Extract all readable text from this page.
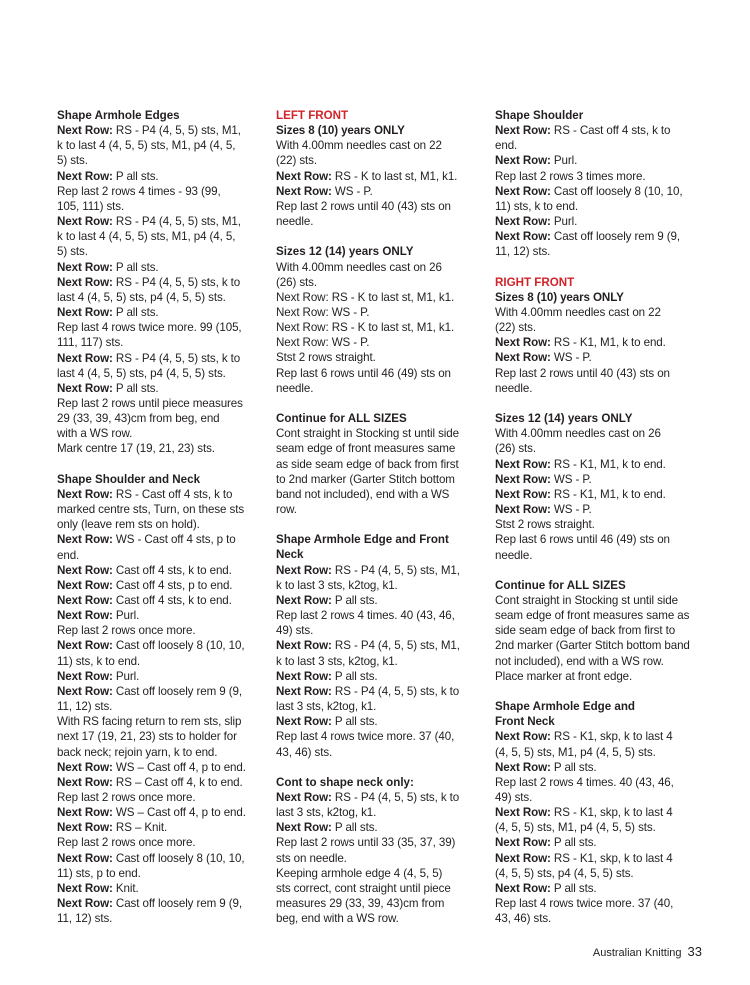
Shape Armhole Edges
Next Row: RS - P4 (4, 5, 5) sts, M1,
k to last 4 (4, 5, 5) sts, M1, p4 (4, 5,
5) sts.
Next Row: P all sts.
Rep last 2 rows 4 times - 93 (99,
105, 111) sts.
Next Row: RS - P4 (4, 5, 5) sts, M1,
k to last 4 (4, 5, 5) sts, M1, p4 (4, 5,
5) sts.
Next Row: P all sts.
Next Row: RS - P4 (4, 5, 5) sts, k to
last 4 (4, 5, 5) sts, p4 (4, 5, 5) sts.
Next Row: P all sts.
Rep last 4 rows twice more. 99 (105,
111, 117) sts.
Next Row: RS - P4 (4, 5, 5) sts, k to
last 4 (4, 5, 5) sts, p4 (4, 5, 5) sts.
Next Row: P all sts.
Rep last 2 rows until piece measures
29 (33, 39, 43)cm from beg, end
with a WS row.
Mark centre 17 (19, 21, 23) sts.
Shape Shoulder and Neck
Next Row: RS - Cast off 4 sts, k to
marked centre sts, Turn, on these sts
only (leave rem sts on hold).
Next Row: WS - Cast off 4 sts, p to
end.
Next Row: Cast off 4 sts, k to end.
Next Row: Cast off 4 sts, p to end.
Next Row: Cast off 4 sts, k to end.
Next Row: Purl.
Rep last 2 rows once more.
Next Row: Cast off loosely 8 (10, 10,
11) sts, k to end.
Next Row: Purl.
Next Row: Cast off loosely rem 9 (9,
11, 12) sts.
With RS facing return to rem sts, slip
next 17 (19, 21, 23) sts to holder for
back neck; rejoin yarn, k to end.
Next Row: WS – Cast off 4, p to end.
Next Row: RS – Cast off 4, k to end.
Rep last 2 rows once more.
Next Row: WS – Cast off 4, p to end.
Next Row: RS – Knit.
Rep last 2 rows once more.
Next Row: Cast off loosely 8 (10, 10,
11) sts, p to end.
Next Row: Knit.
Next Row: Cast off loosely rem 9 (9,
11, 12) sts.
LEFT FRONT
Sizes 8 (10) years ONLY
With 4.00mm needles cast on 22
(22) sts.
Next Row: RS - K to last st, M1, k1.
Next Row: WS - P.
Rep last 2 rows until 40 (43) sts on
needle.
Sizes 12 (14) years ONLY
With 4.00mm needles cast on 26
(26) sts.
Next Row: RS - K to last st, M1, k1.
Next Row: WS - P.
Next Row: RS - K to last st, M1, k1.
Next Row: WS - P.
Stst 2 rows straight.
Rep last 6 rows until 46 (49) sts on
needle.
Continue for ALL SIZES
Cont straight in Stocking st until side
seam edge of front measures same
as side seam edge of back from first
to 2nd marker (Garter Stitch bottom
band not included), end with a WS
row.
Shape Armhole Edge and Front
Neck
Next Row: RS - P4 (4, 5, 5) sts, M1,
k to last 3 sts, k2tog, k1.
Next Row: P all sts.
Rep last 2 rows 4 times. 40 (43, 46,
49) sts.
Next Row: RS - P4 (4, 5, 5) sts, M1,
k to last 3 sts, k2tog, k1.
Next Row: P all sts.
Next Row: RS - P4 (4, 5, 5) sts, k to
last 3 sts, k2tog, k1.
Next Row: P all sts.
Rep last 4 rows twice more. 37 (40,
43, 46) sts.
Cont to shape neck only:
Next Row: RS - P4 (4, 5, 5) sts, k to
last 3 sts, k2tog, k1.
Next Row: P all sts.
Rep last 2 rows until 33 (35, 37, 39)
sts on needle.
Keeping armhole edge 4 (4, 5, 5)
sts correct, cont straight until piece
measures 29 (33, 39, 43)cm from
beg, end with a WS row.
Shape Shoulder
Next Row: RS - Cast off 4 sts, k to
end.
Next Row: Purl.
Rep last 2 rows 3 times more.
Next Row: Cast off loosely 8 (10, 10,
11) sts, k to end.
Next Row: Purl.
Next Row: Cast off loosely rem 9 (9,
11, 12) sts.
RIGHT FRONT
Sizes 8 (10) years ONLY
With 4.00mm needles cast on 22
(22) sts.
Next Row: RS - K1, M1, k to end.
Next Row: WS - P.
Rep last 2 rows until 40 (43) sts on
needle.
Sizes 12 (14) years ONLY
With 4.00mm needles cast on 26
(26) sts.
Next Row: RS - K1, M1, k to end.
Next Row: WS - P.
Next Row: RS - K1, M1, k to end.
Next Row: WS - P.
Stst 2 rows straight.
Rep last 6 rows until 46 (49) sts on
needle.
Continue for ALL SIZES
Cont straight in Stocking st until side
seam edge of front measures same as
side seam edge of back from first to
2nd marker (Garter Stitch bottom band
not included), end with a WS row.
Place marker at front edge.
Shape Armhole Edge and
Front Neck
Next Row: RS - K1, skp, k to last 4
(4, 5, 5) sts, M1, p4 (4, 5, 5) sts.
Next Row: P all sts.
Rep last 2 rows 4 times. 40 (43, 46,
49) sts.
Next Row: RS - K1, skp, k to last 4
(4, 5, 5) sts, M1, p4 (4, 5, 5) sts.
Next Row: P all sts.
Next Row: RS - K1, skp, k to last 4
(4, 5, 5) sts, p4 (4, 5, 5) sts.
Next Row: P all sts.
Rep last 4 rows twice more. 37 (40,
43, 46) sts.
Australian Knitting 33
